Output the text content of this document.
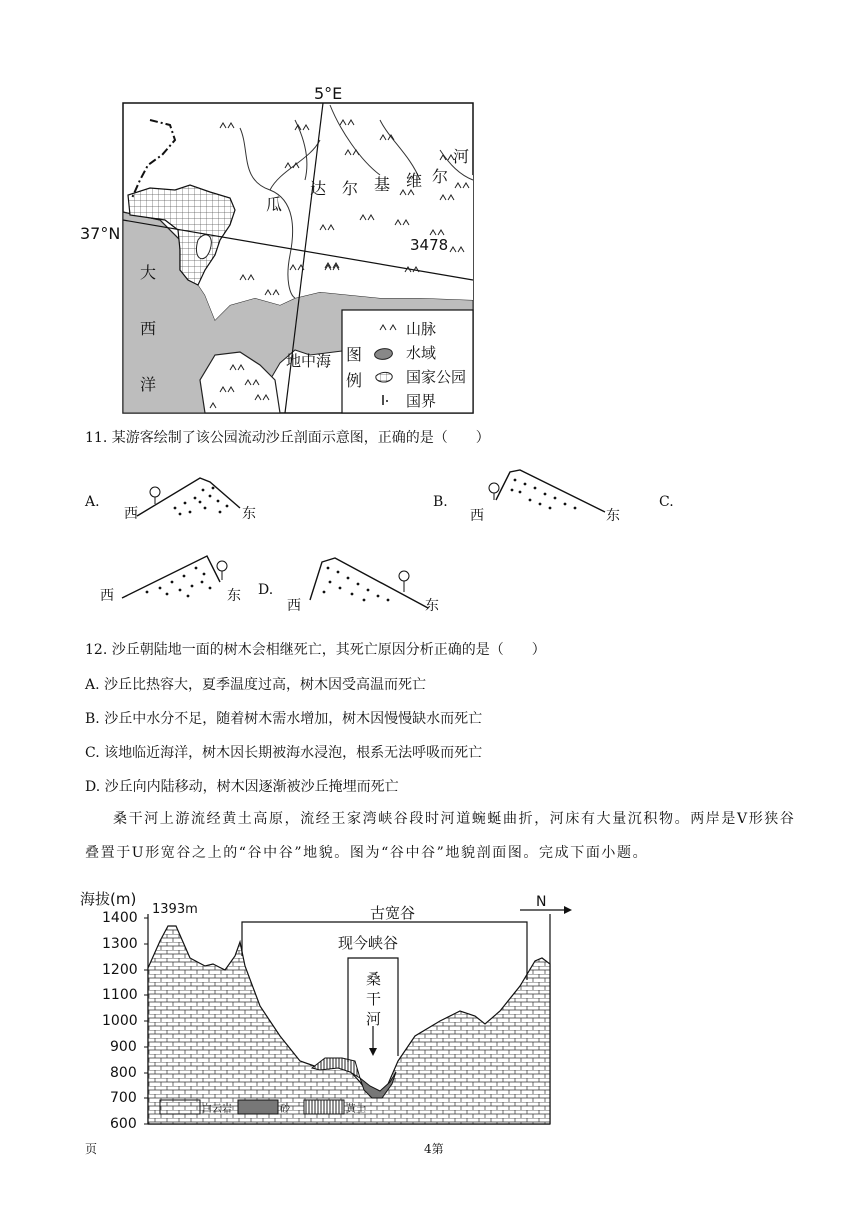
5°E
37°N
大
西
洋
地中海
达 尔 基 维 尔
河
瓜
3478
图
例
山脉
水域
国家公园
国界
11. 某游客绘制了该公园流动沙丘剖面示意图，正确的是（　　）
A.
西	东
B.
西	东
C.
西	东 D.
西	东
12. 沙丘朝陆地一面的树木会相继死亡，其死亡原因分析正确的是（　　）
A. 沙丘比热容大，夏季温度过高，树木因受高温而死亡
B. 沙丘中水分不足，随着树木需水增加，树木因慢慢缺水而死亡
C. 该地临近海洋，树木因长期被海水浸泡，根系无法呼吸而死亡
D. 沙丘向内陆移动，树木因逐渐被沙丘掩埋而死亡
桑干河上游流经黄土高原，流经王家湾峡谷段时河道蜿蜒曲折，河床有大量沉积物。两岸是V形狭谷
叠置于U形宽谷之上的“谷中谷”地貌。图为“谷中谷”地貌剖面图。完成下面小题。
海拔(m)
1393m
1400
1300
1200
1100
1000
900
800
700
600
古宽谷
现今峡谷
桑
干
河
N
白云岩	砂	黄土
页	4第
